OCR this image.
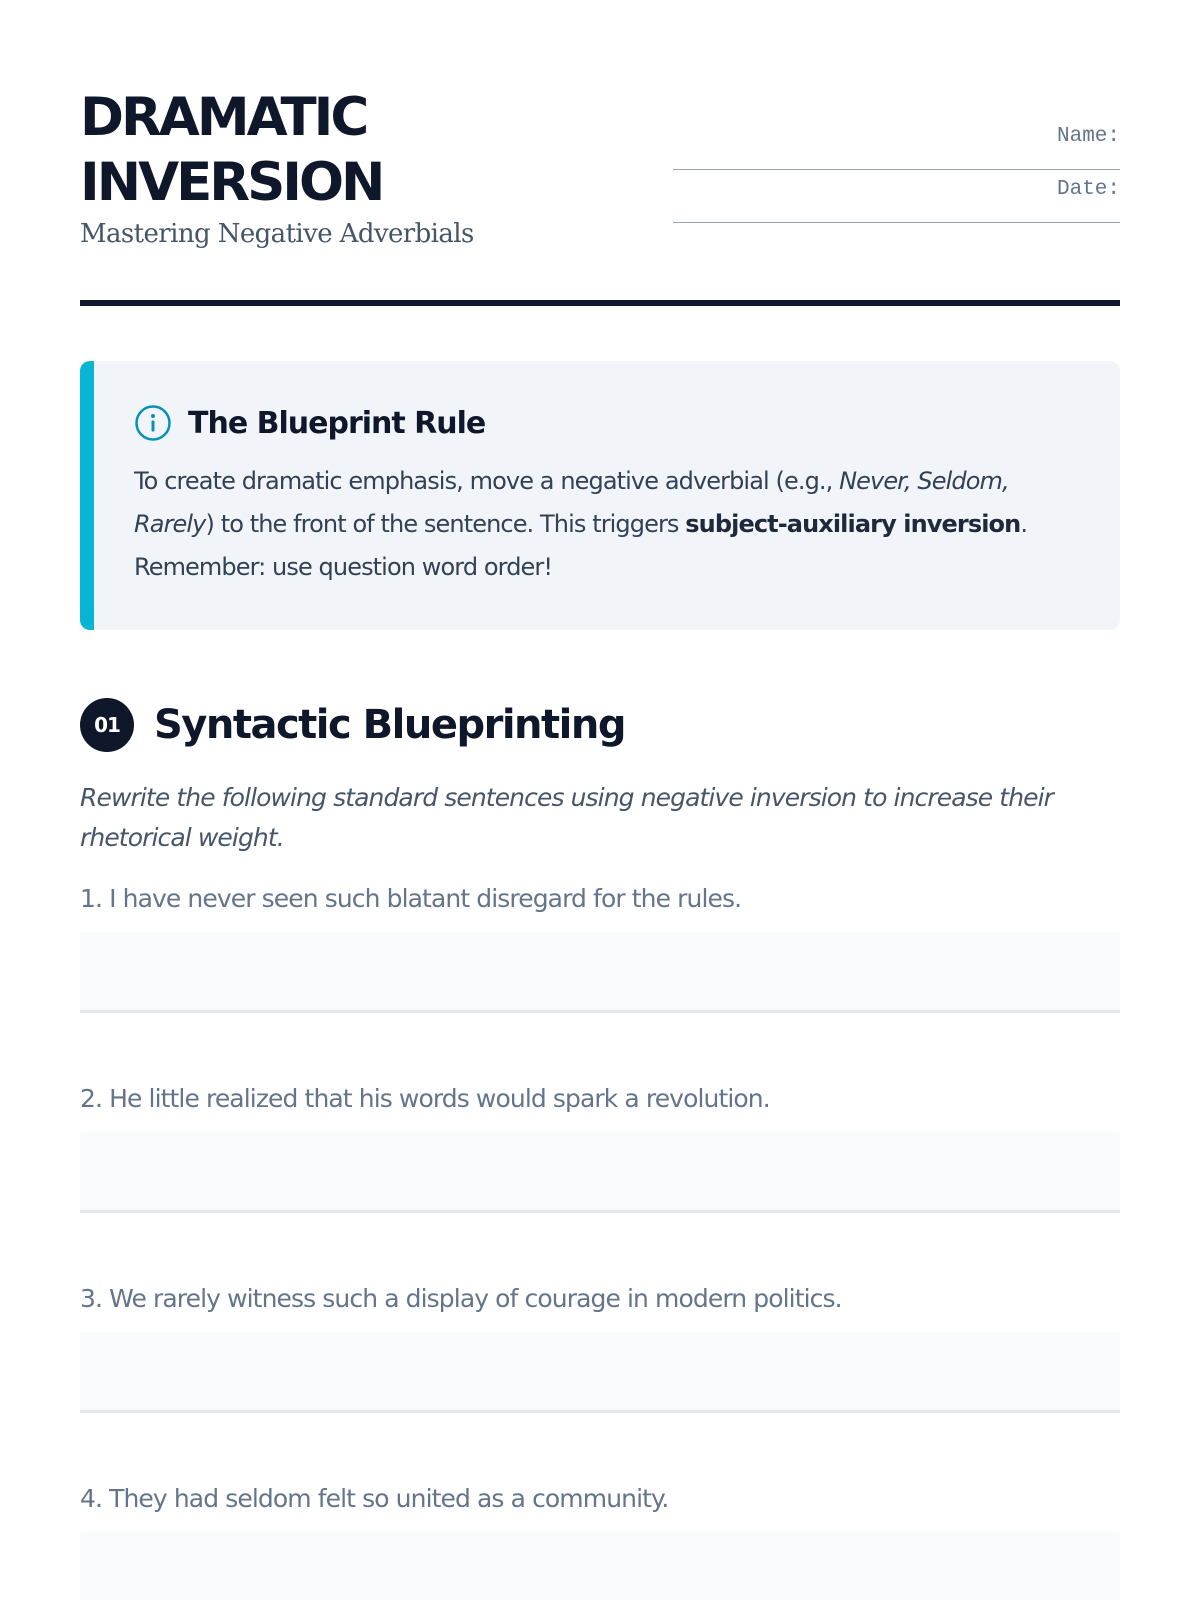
DRAMATIC
INVERSION
Mastering Negative Adverbials
Name:
Date:
The Blueprint Rule

To create dramatic emphasis, move a negative adverbial (e.g., Never, Seldom, Rarely) to the front of the sentence. This triggers subject-auxiliary inversion. Remember: use question word order!

01 Syntactic Blueprinting

Rewrite the following standard sentences using negative inversion to increase their rhetorical weight.

1. I have never seen such blatant disregard for the rules.
2. He little realized that his words would spark a revolution.
3. We rarely witness such a display of courage in modern politics.
4. They had seldom felt so united as a community.
